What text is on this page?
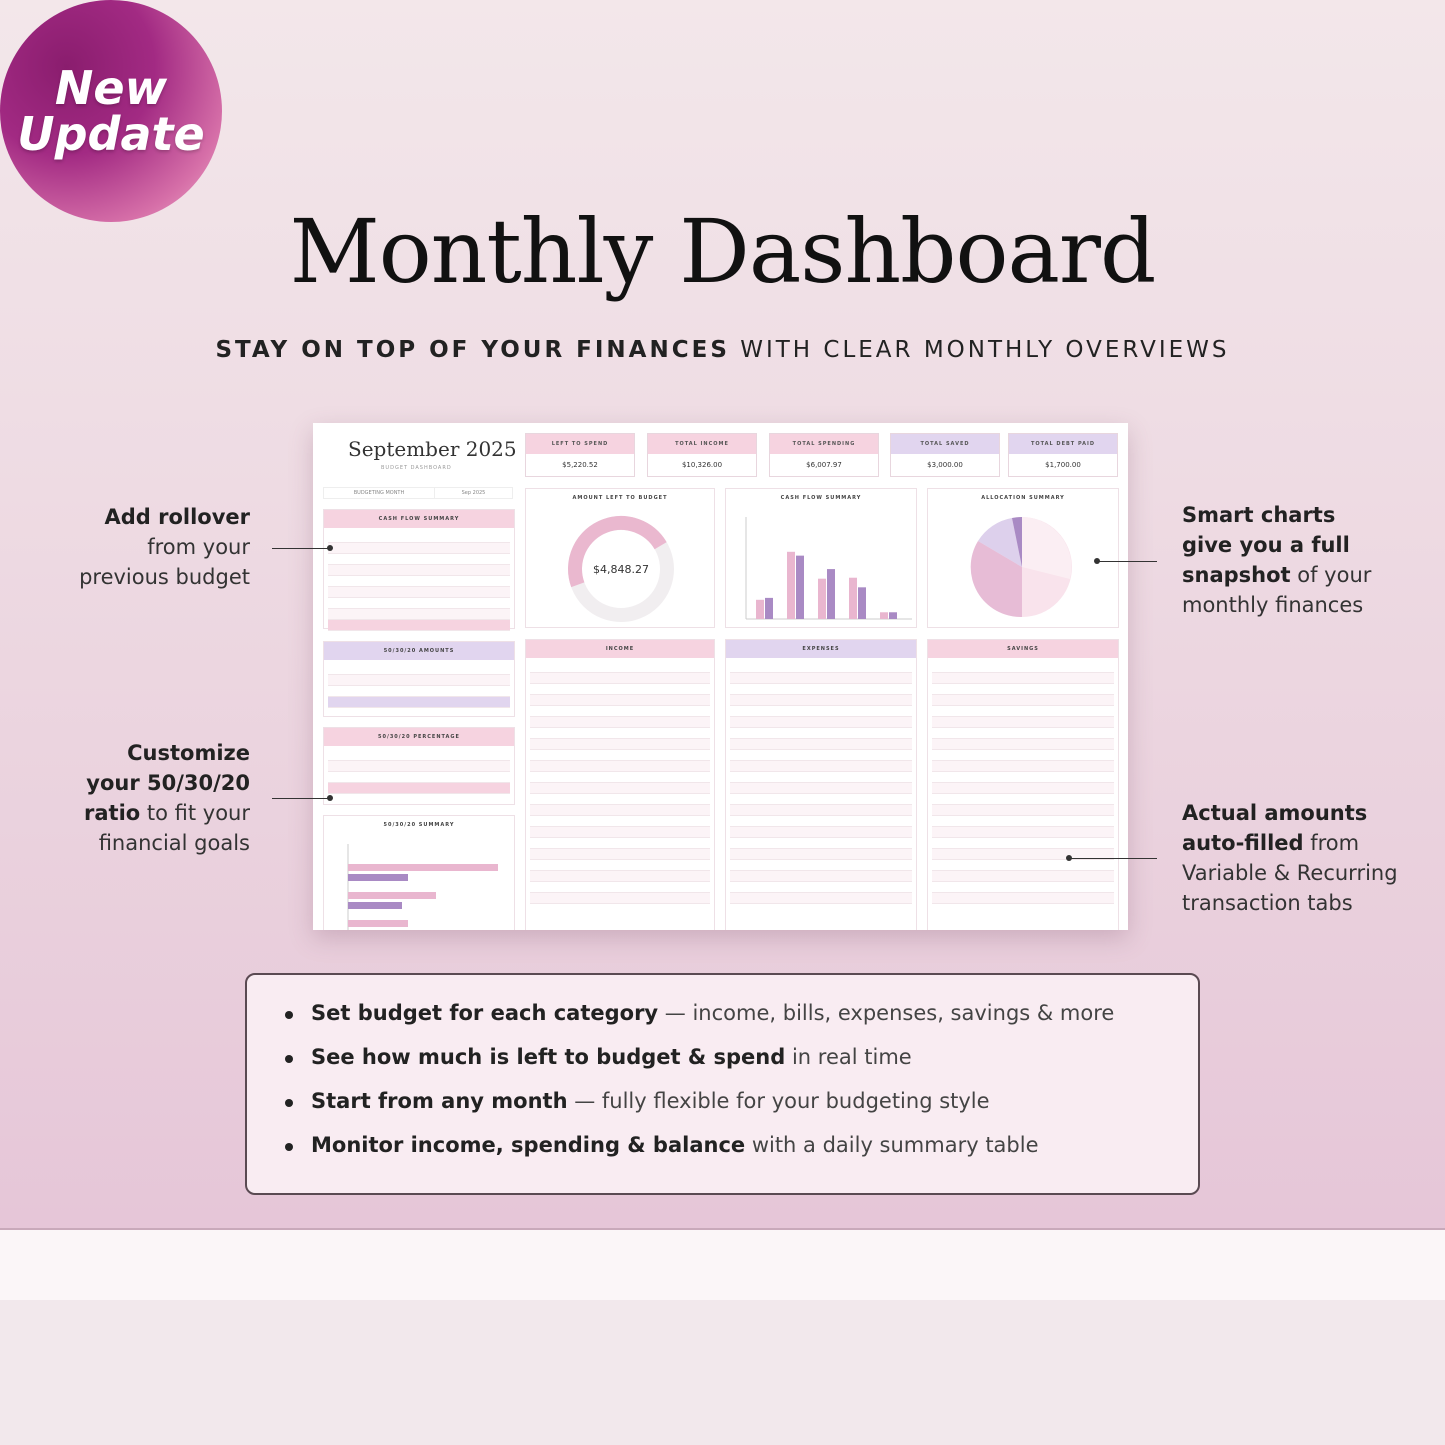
New
Update
Monthly Dashboard
STAY ON TOP OF YOUR FINANCES WITH CLEAR MONTHLY OVERVIEWS
September 2025
BUDGET DASHBOARD
BUDGETING MONTH	Sep 2025
LEFT TO SPEND
$5,220.52
TOTAL INCOME
$10,326.00
TOTAL SPENDING
$6,007.97
TOTAL SAVED
$3,000.00
TOTAL DEBT PAID
$1,700.00
CASH FLOW SUMMARY
50/30/20 AMOUNTS
50/30/20 PERCENTAGE
50/30/20 SUMMARY
AMOUNT LEFT TO BUDGET
$4,848.27
CASH FLOW SUMMARY	ALLOCATION SUMMARY
INCOME	EXPENSES	SAVINGS
Add rollover
from your
previous budget
Customize
your 50/30/20
ratio to fit your
financial goals
Smart charts
give you a full
snapshot of your
monthly finances
Actual amounts
auto-filled from
Variable & Recurring
transaction tabs
Set budget for each category — income, bills, expenses, savings & more
See how much is left to budget & spend in real time
Start from any month — fully flexible for your budgeting style
Monitor income, spending & balance with a daily summary table
